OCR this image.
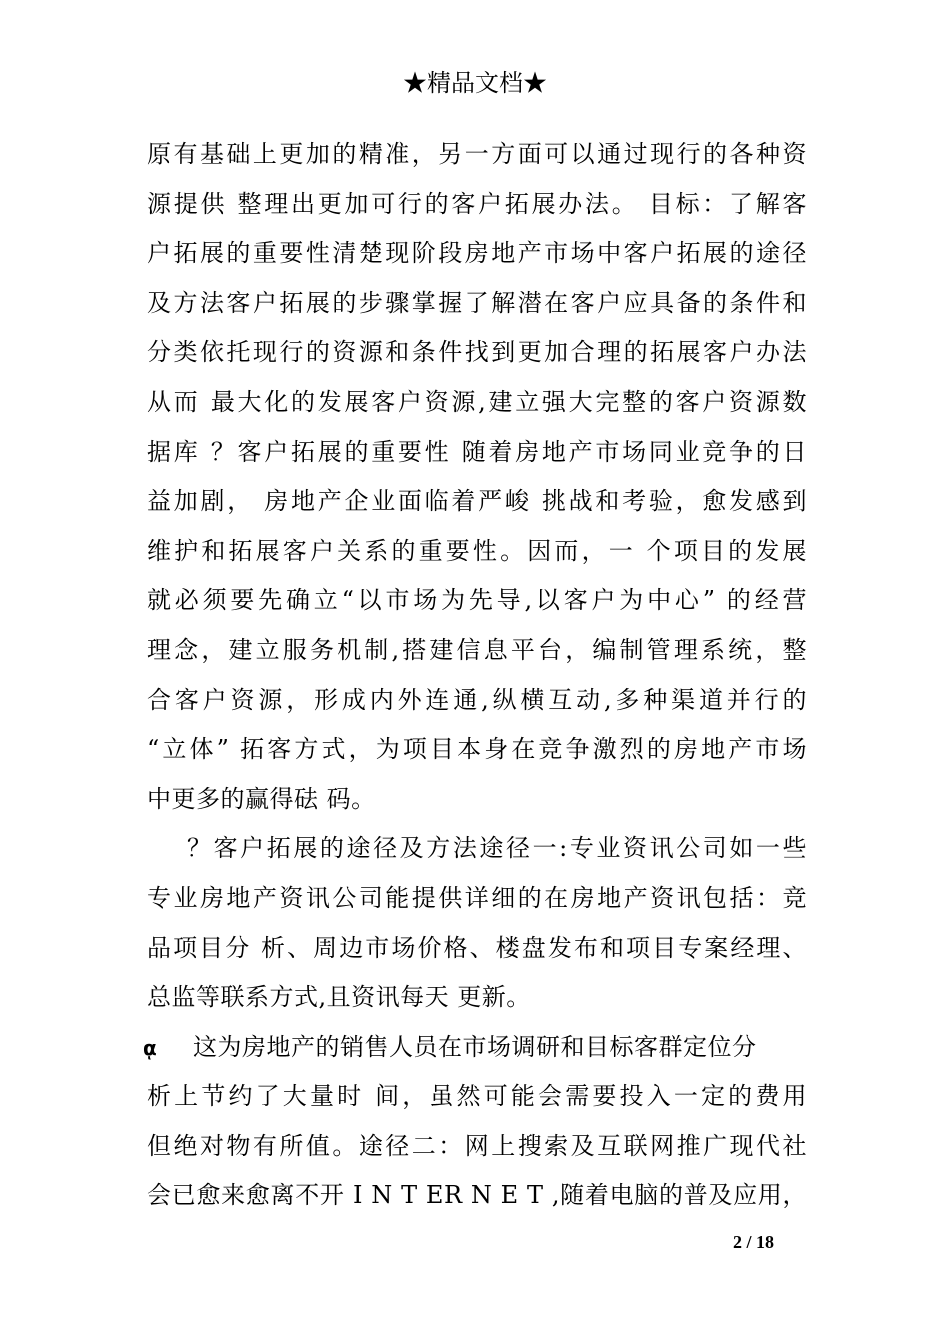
★精品文档★
原有基础上更加的精准，另一方面可以通过现行的各种资
源提供 整理出更加可行的客户拓展办法。 目标：了解客
户拓展的重要性清楚现阶段房地产市场中客户拓展的途径
及方法客户拓展的步骤掌握了解潜在客户应具备的条件和
分类依托现行的资源和条件找到更加合理的拓展客户办法
从而 最大化的发展客户资源,建立强大完整的客户资源数
据库 ？客户拓展的重要性 随着房地产市场同业竞争的日
益加剧， 房地产企业面临着严峻 挑战和考验，愈发感到
维护和拓展客户关系的重要性。因而，一 个项目的发展
就必须要先确立“以市场为先导,以客户为中心” 的经营
理念，建立服务机制,搭建信息平台，编制管理系统，整
合客户资源，形成内外连通,纵横互动,多种渠道并行的
“立体” 拓客方式，为项目本身在竞争激烈的房地产市场
中更多的赢得砝 码。
？客户拓展的途径及方法途径一:专业资讯公司如一些
专业房地产资讯公司能提供详细的在房地产资讯包括：竞
品项目分 析、周边市场价格、楼盘发布和项目专案经理、
总监等联系方式,且资讯每天 更新。
ᾳ 这为房地产的销售人员在市场调研和目标客群定位分
析上节约了大量时 间，虽然可能会需要投入一定的费用
但绝对物有所值。途径二：网上搜索及互联网推广现代社
会已愈来愈离不开 I N T ER N E T ,随着电脑的普及应用，
2 / 18
